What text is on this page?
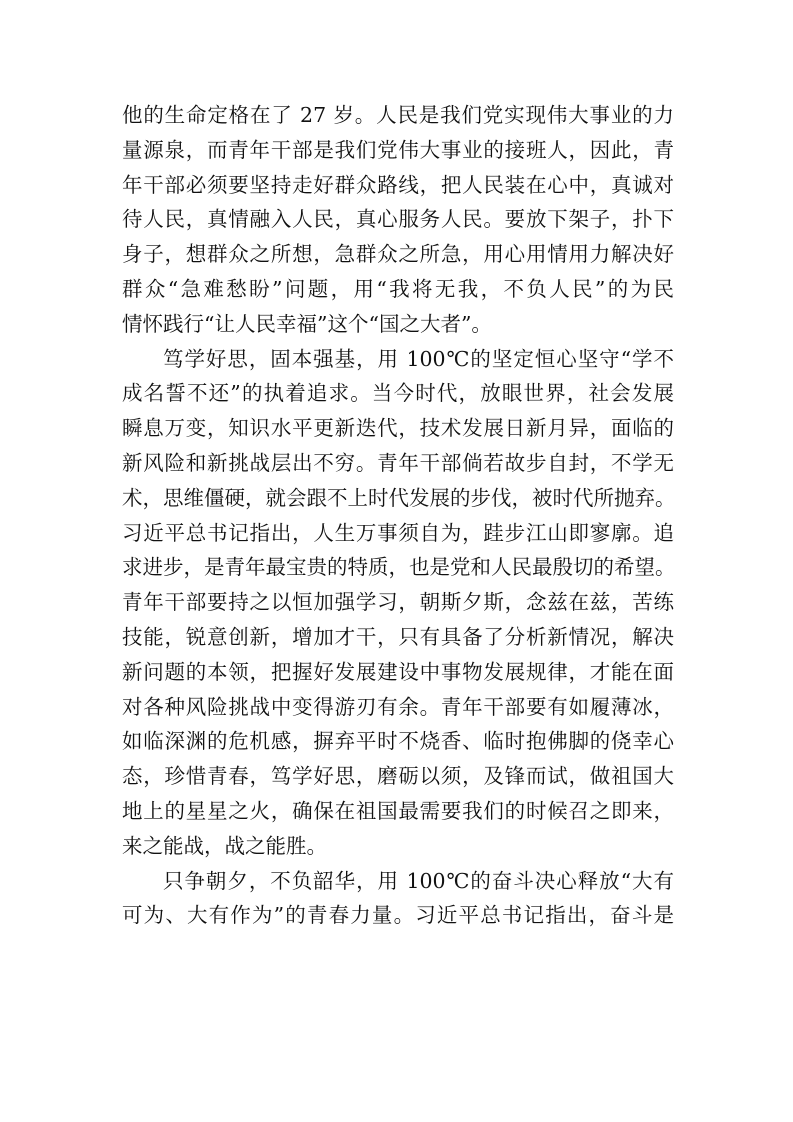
他的生命定格在了 27 岁。人民是我们党实现伟大事业的力
量源泉，而青年干部是我们党伟大事业的接班人，因此，青
年干部必须要坚持走好群众路线，把人民装在心中，真诚对
待人民，真情融入人民，真心服务人民。要放下架子，扑下
身子，想群众之所想，急群众之所急，用心用情用力解决好
群众“急难愁盼”问题，用“我将无我，不负人民”的为民
情怀践行“让人民幸福”这个“国之大者”。
笃学好思，固本强基，用 100℃的坚定恒心坚守“学不
成名誓不还”的执着追求。当今时代，放眼世界，社会发展
瞬息万变，知识水平更新迭代，技术发展日新月异，面临的
新风险和新挑战层出不穷。青年干部倘若故步自封，不学无
术，思维僵硬，就会跟不上时代发展的步伐，被时代所抛弃。
习近平总书记指出，人生万事须自为，跬步江山即寥廓。追
求进步，是青年最宝贵的特质，也是党和人民最殷切的希望。
青年干部要持之以恒加强学习，朝斯夕斯，念兹在兹，苦练
技能，锐意创新，增加才干，只有具备了分析新情况，解决
新问题的本领，把握好发展建设中事物发展规律，才能在面
对各种风险挑战中变得游刃有余。青年干部要有如履薄冰，
如临深渊的危机感，摒弃平时不烧香、临时抱佛脚的侥幸心
态，珍惜青春，笃学好思，磨砺以须，及锋而试，做祖国大
地上的星星之火，确保在祖国最需要我们的时候召之即来，
来之能战，战之能胜。
只争朝夕，不负韶华，用 100℃的奋斗决心释放“大有
可为、大有作为”的青春力量。习近平总书记指出，奋斗是
